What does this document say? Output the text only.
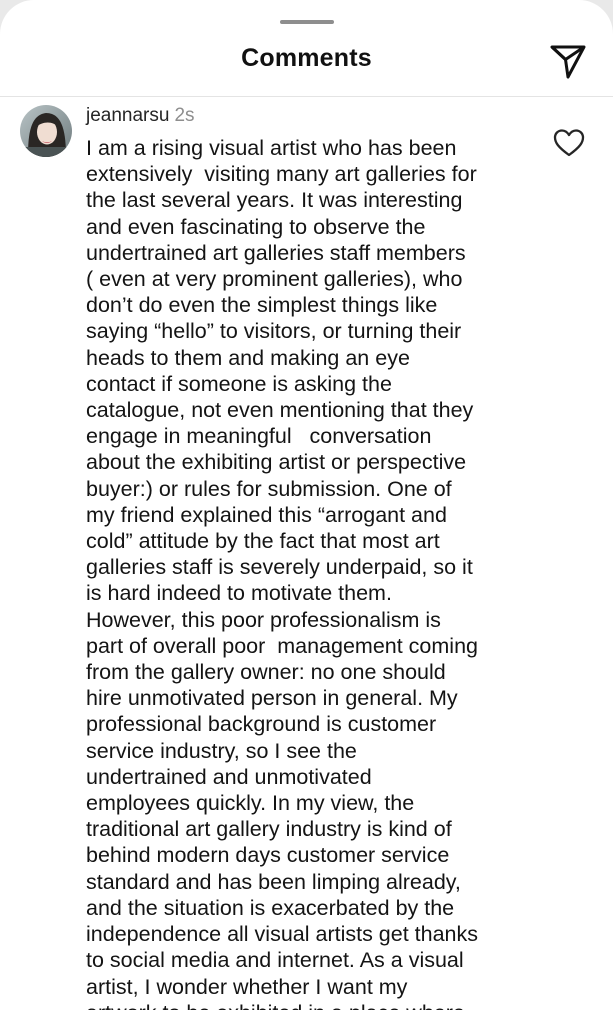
Comments
jeannarsu 2s

I am a rising visual artist who has been
extensively  visiting many art galleries for
the last several years. It was interesting
and even fascinating to observe the
undertrained art galleries staff members
( even at very prominent galleries), who
don’t do even the simplest things like
saying “hello” to visitors, or turning their
heads to them and making an eye
contact if someone is asking the
catalogue, not even mentioning that they
engage in meaningful   conversation
about the exhibiting artist or perspective
buyer:) or rules for submission. One of
my friend explained this “arrogant and
cold” attitude by the fact that most art
galleries staff is severely underpaid, so it
is hard indeed to motivate them.
However, this poor professionalism is
part of overall poor  management coming
from the gallery owner: no one should
hire unmotivated person in general. My
professional background is customer
service industry, so I see the
undertrained and unmotivated
employees quickly. In my view, the
traditional art gallery industry is kind of
behind modern days customer service
standard and has been limping already,
and the situation is exacerbated by the
independence all visual artists get thanks
to social media and internet. As a visual
artist, I wonder whether I want my
